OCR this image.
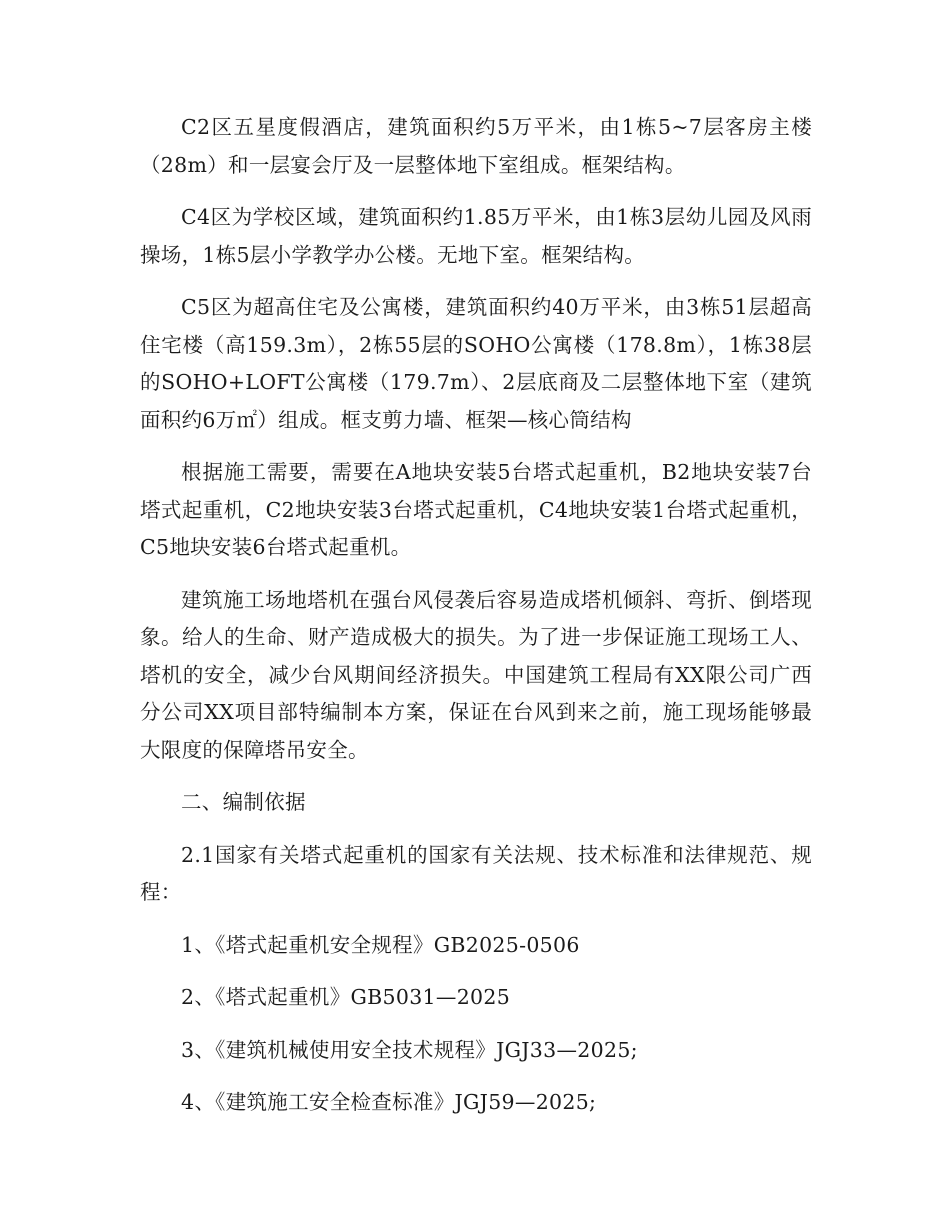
C2区五星度假酒店，建筑面积约5万平米，由1栋5~7层客房主楼（28m）和一层宴会厅及一层整体地下室组成。框架结构。

C4区为学校区域，建筑面积约1.85万平米，由1栋3层幼儿园及风雨操场，1栋5层小学教学办公楼。无地下室。框架结构。

C5区为超高住宅及公寓楼，建筑面积约40万平米，由3栋51层超高住宅楼（高159.3m），2栋55层的SOHO公寓楼（178.8m），1栋38层的SOHO+LOFT公寓楼（179.7m）、2层底商及二层整体地下室（建筑面积约6万㎡）组成。框支剪力墙、框架—核心筒结构

根据施工需要，需要在A地块安装5台塔式起重机，B2地块安装7台塔式起重机，C2地块安装3台塔式起重机，C4地块安装1台塔式起重机，C5地块安装6台塔式起重机。

建筑施工场地塔机在强台风侵袭后容易造成塔机倾斜、弯折、倒塔现象。给人的生命、财产造成极大的损失。为了进一步保证施工现场工人、塔机的安全，减少台风期间经济损失。中国建筑工程局有XX限公司广西分公司XX项目部特编制本方案，保证在台风到来之前，施工现场能够最大限度的保障塔吊安全。

二、编制依据

2.1国家有关塔式起重机的国家有关法规、技术标准和法律规范、规程：

1、《塔式起重机安全规程》GB2025-0506

2、《塔式起重机》GB5031—2025

3、《建筑机械使用安全技术规程》JGJ33—2025;

4、《建筑施工安全检查标准》JGJ59—2025;
